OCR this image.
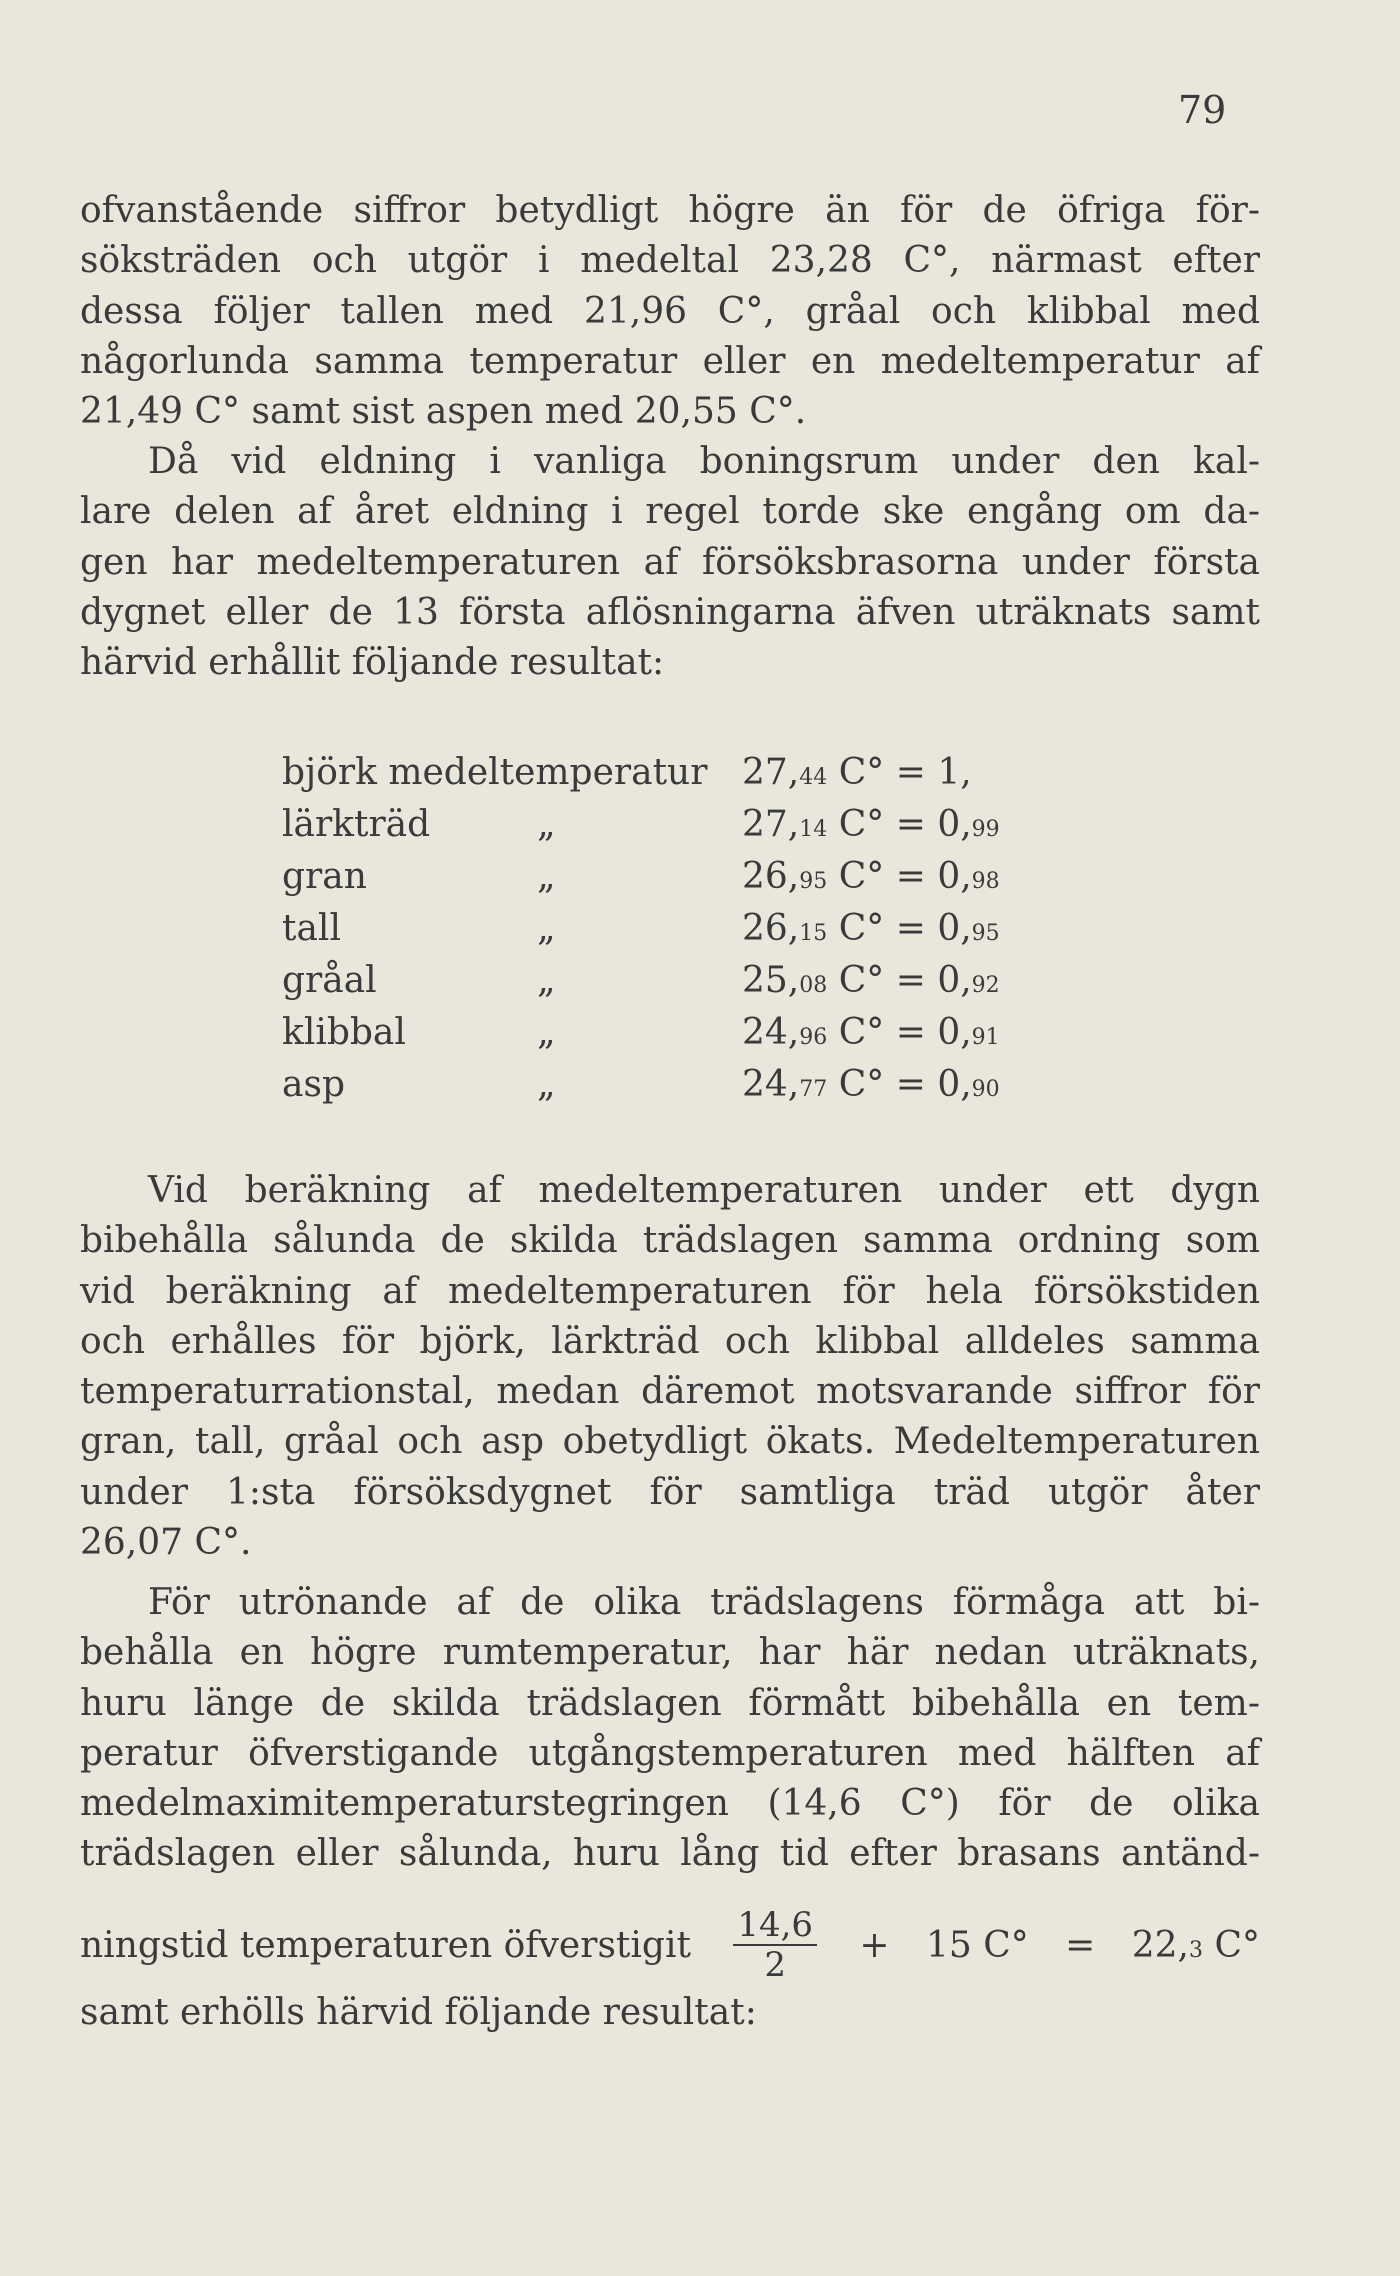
79

ofvanstående siffror betydligt högre än för de öfriga för-
söksträden och utgör i medeltal 23,28 C°, närmast efter
dessa följer tallen med 21,96 C°, gråal och klibbal med
någorlunda samma temperatur eller en medeltemperatur af
21,49 C° samt sist aspen med 20,55 C°.

Då vid eldning i vanliga boningsrum under den kal-
lare delen af året eldning i regel torde ske engång om da-
gen har medeltemperaturen af försöksbrasorna under första
dygnet eller de 13 första aflösningarna äfven uträknats samt
härvid erhållit följande resultat:

björk medeltemperatur 27,44 C° = 1,
lärkträd	„	27,14 C° = 0,99
gran	„	26,95 C° = 0,98
tall	„	26,15 C° = 0,95
gråal	„	25,08 C° = 0,92
klibbal	„	24,96 C° = 0,91
asp	„	24,77 C° = 0,90

Vid beräkning af medeltemperaturen under ett dygn
bibehålla sålunda de skilda trädslagen samma ordning som
vid beräkning af medeltemperaturen för hela försökstiden
och erhålles för björk, lärkträd och klibbal alldeles samma
temperaturrationstal, medan däremot motsvarande siffror för
gran, tall, gråal och asp obetydligt ökats. Medeltemperaturen
under 1:sta försöksdygnet för samtliga träd utgör åter
26,07 C°.

För utrönande af de olika trädslagens förmåga att bi-
behålla en högre rumtemperatur, har här nedan uträknats,
huru länge de skilda trädslagen förmått bibehålla en tem-
peratur öfverstigande utgångstemperaturen med hälften af
medelmaximitemperaturstegringen (14,6 C°) för de olika
trädslagen eller sålunda, huru lång tid efter brasans antänd-

ningstid temperaturen öfverstigit $\frac{14,6}{2} + 15$ C° = 22,3 C°

samt erhölls härvid följande resultat:
